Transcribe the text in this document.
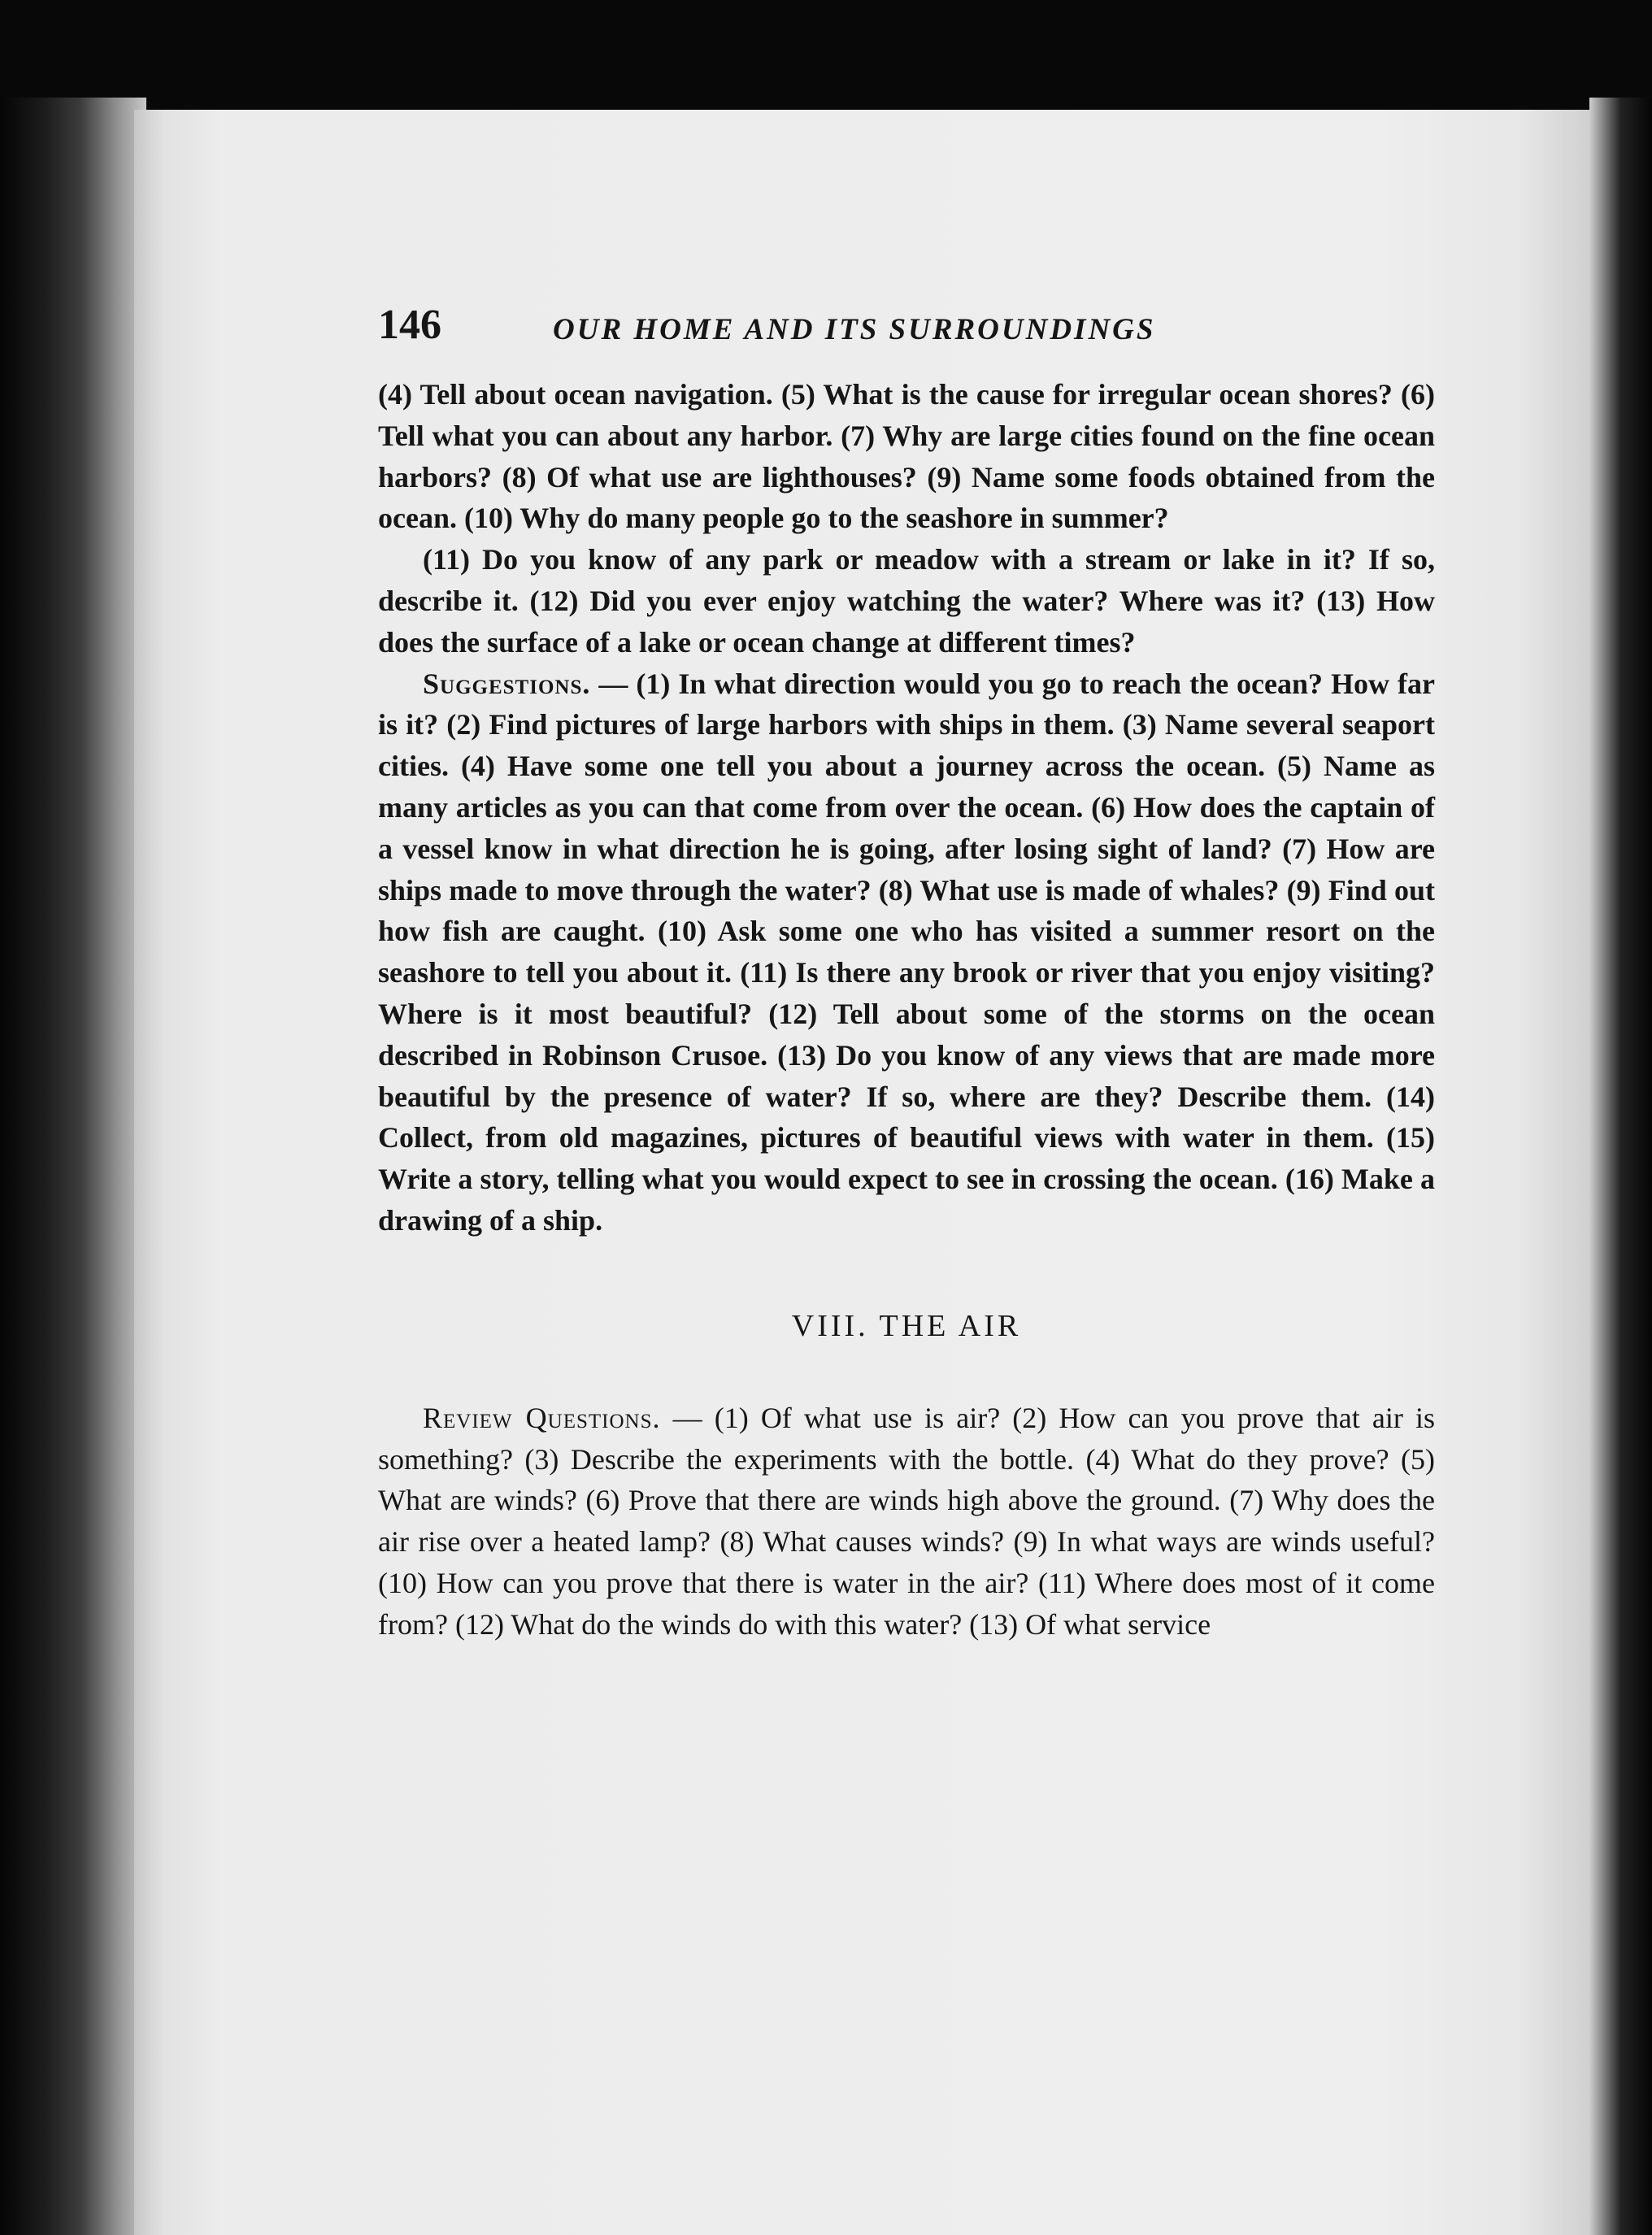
146	OUR HOME AND ITS SURROUNDINGS

(4) Tell about ocean navigation. (5) What is the cause for irregular ocean shores? (6) Tell what you can about any harbor. (7) Why are large cities found on the fine ocean harbors? (8) Of what use are lighthouses? (9) Name some foods obtained from the ocean. (10) Why do many people go to the seashore in summer?

(11) Do you know of any park or meadow with a stream or lake in it? If so, describe it. (12) Did you ever enjoy watching the water? Where was it? (13) How does the surface of a lake or ocean change at different times?

Suggestions. — (1) In what direction would you go to reach the ocean? How far is it? (2) Find pictures of large harbors with ships in them. (3) Name several seaport cities. (4) Have some one tell you about a journey across the ocean. (5) Name as many articles as you can that come from over the ocean. (6) How does the captain of a vessel know in what direction he is going, after losing sight of land? (7) How are ships made to move through the water? (8) What use is made of whales? (9) Find out how fish are caught. (10) Ask some one who has visited a summer resort on the seashore to tell you about it. (11) Is there any brook or river that you enjoy visiting? Where is it most beautiful? (12) Tell about some of the storms on the ocean described in Robinson Crusoe. (13) Do you know of any views that are made more beautiful by the presence of water? If so, where are they? Describe them. (14) Collect, from old magazines, pictures of beautiful views with water in them. (15) Write a story, telling what you would expect to see in crossing the ocean. (16) Make a drawing of a ship.

VIII. THE AIR

Review Questions. — (1) Of what use is air? (2) How can you prove that air is something? (3) Describe the experiments with the bottle. (4) What do they prove? (5) What are winds? (6) Prove that there are winds high above the ground. (7) Why does the air rise over a heated lamp? (8) What causes winds? (9) In what ways are winds useful? (10) How can you prove that there is water in the air? (11) Where does most of it come from? (12) What do the winds do with this water? (13) Of what service
